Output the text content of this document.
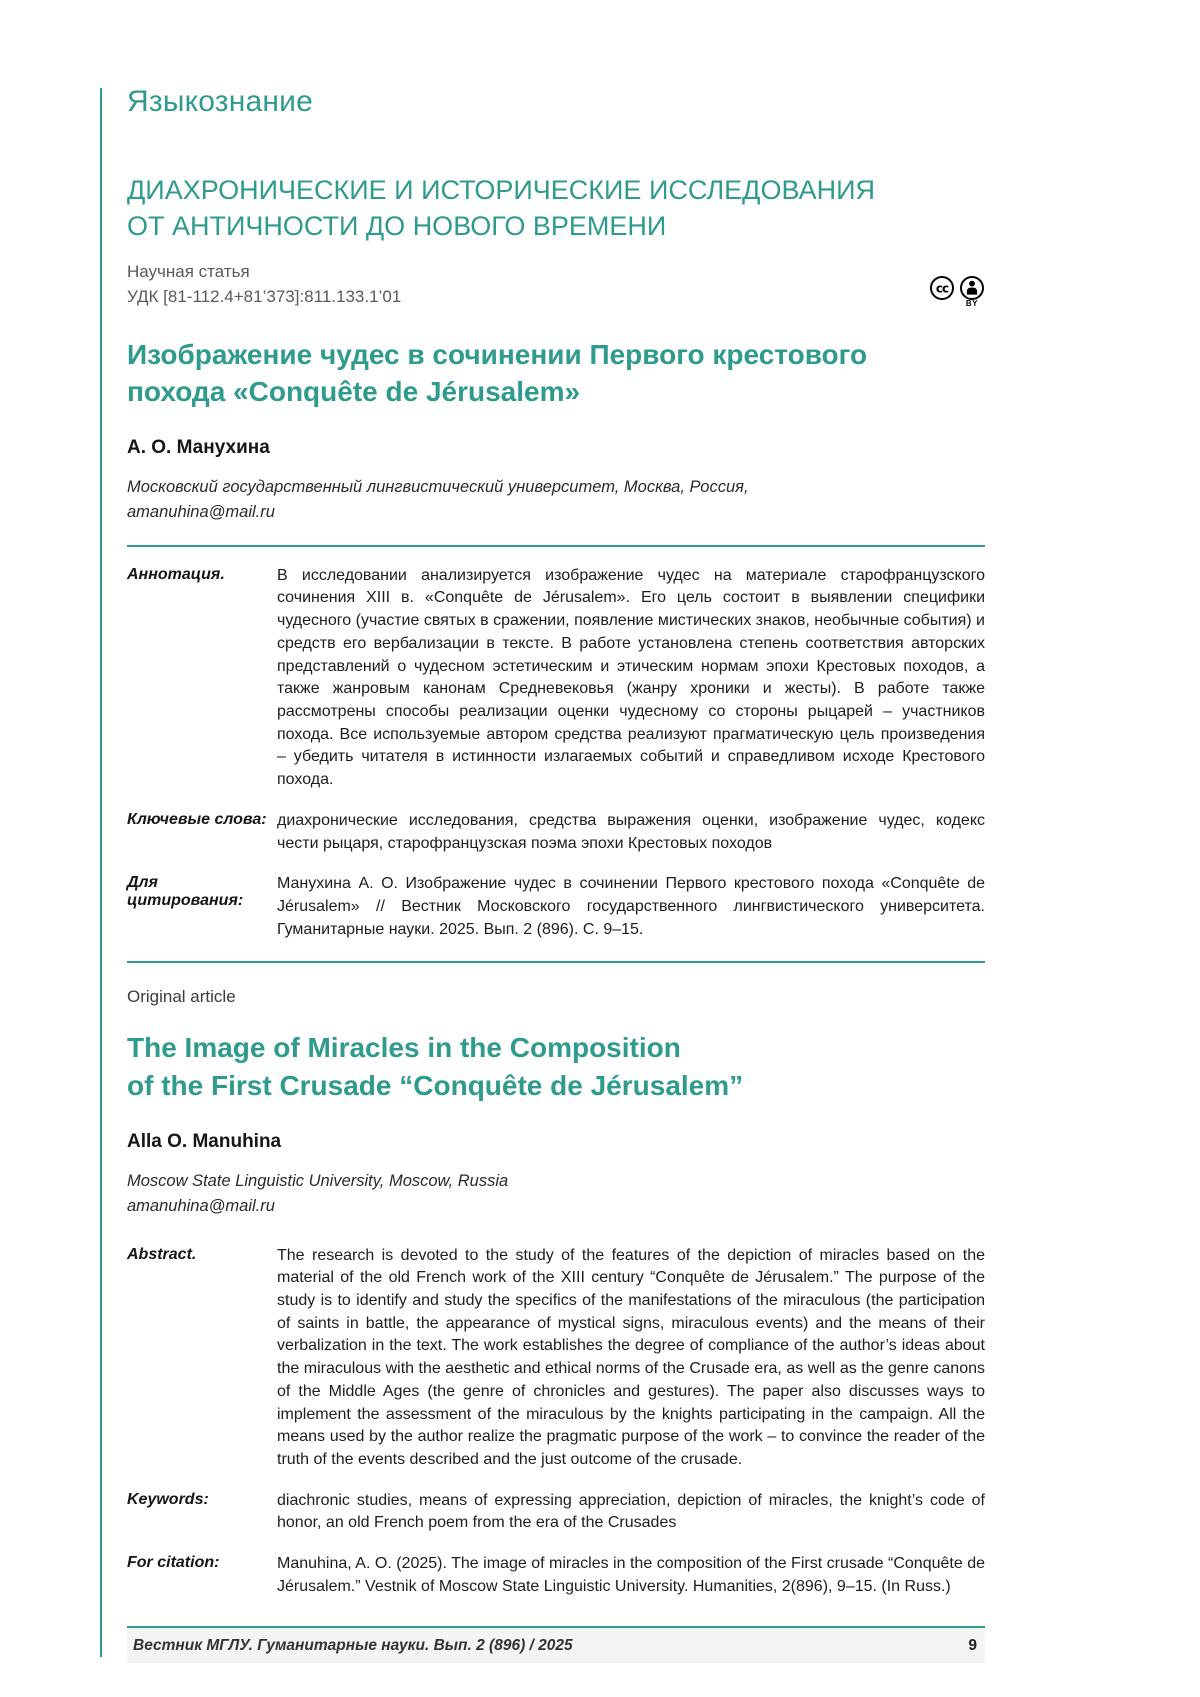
Языкознание
ДИАХРОНИЧЕСКИЕ И ИСТОРИЧЕСКИЕ ИССЛЕДОВАНИЯ
ОТ АНТИЧНОСТИ ДО НОВОГО ВРЕМЕНИ
Научная статья
УДК [81-112.4+81’373]:811.133.1’01	cc
BY
Изображение чудес в сочинении Первого крестового
похода «Conquête de Jérusalem»
А. О. Манухина
Московский государственный лингвистический университет, Москва, Россия,
amanuhina@mail.ru
Аннотация.	В исследовании анализируется изображение чудес на материале старофранцузского сочинения XIII в. «Conquête de Jérusalem». Его цель состоит в выявлении специфики чудесного (участие святых в сражении, появление мистических знаков, необычные события) и средств его вербализации в тексте. В работе установлена степень соответствия авторских представлений о чудесном эстетическим и этическим нормам эпохи Крестовых походов, а также жанровым канонам Средневековья (жанру хроники и жесты). В работе также рассмотрены способы реализации оценки чудесному со стороны рыцарей – участников похода. Все используемые автором средства реализуют прагматическую цель произведения – убедить читателя в истинности излагаемых событий и справедливом исходе Крестового похода.
Ключевые слова: диахронические исследования, средства выражения оценки, изображение чудес, кодекс чести рыцаря, старофранцузская поэма эпохи Крестовых походов
Для цитирования:
Манухина А. О. Изображение чудес в сочинении Первого крестового похода «Conquête de Jérusalem» // Вестник Московского государственного лингвистического университета. Гуманитарные науки. 2025. Вып. 2 (896). С. 9–15.
Original article
The Image of Miracles in the Composition
of the First Crusade “Conquête de Jérusalem”
Alla O. Manuhina
Moscow State Linguistic University, Moscow, Russia
amanuhina@mail.ru
Abstract.	The research is devoted to the study of the features of the depiction of miracles based on the material of the old French work of the XIII century “Conquête de Jérusalem.” The purpose of the study is to identify and study the specifics of the manifestations of the miraculous (the participation of saints in battle, the appearance of mystical signs, miraculous events) and the means of their verbalization in the text. The work establishes the degree of compliance of the author’s ideas about the miraculous with the aesthetic and ethical norms of the Crusade era, as well as the genre canons of the Middle Ages (the genre of chronicles and gestures). The paper also discusses ways to implement the assessment of the miraculous by the knights participating in the campaign. All the means used by the author realize the pragmatic purpose of the work – to convince the reader of the truth of the events described and the just outcome of the crusade.
Keywords:	diachronic studies, means of expressing appreciation, depiction of miracles, the knight’s code of honor, an old French poem from the era of the Crusades
For citation:	Manuhina, A. O. (2025). The image of miracles in the composition of the First crusade “Conquête de Jérusalem.” Vestnik of Moscow State Linguistic University. Humanities, 2(896), 9–15. (In Russ.)
Вестник МГЛУ. Гуманитарные науки. Вып. 2 (896) / 2025	9
